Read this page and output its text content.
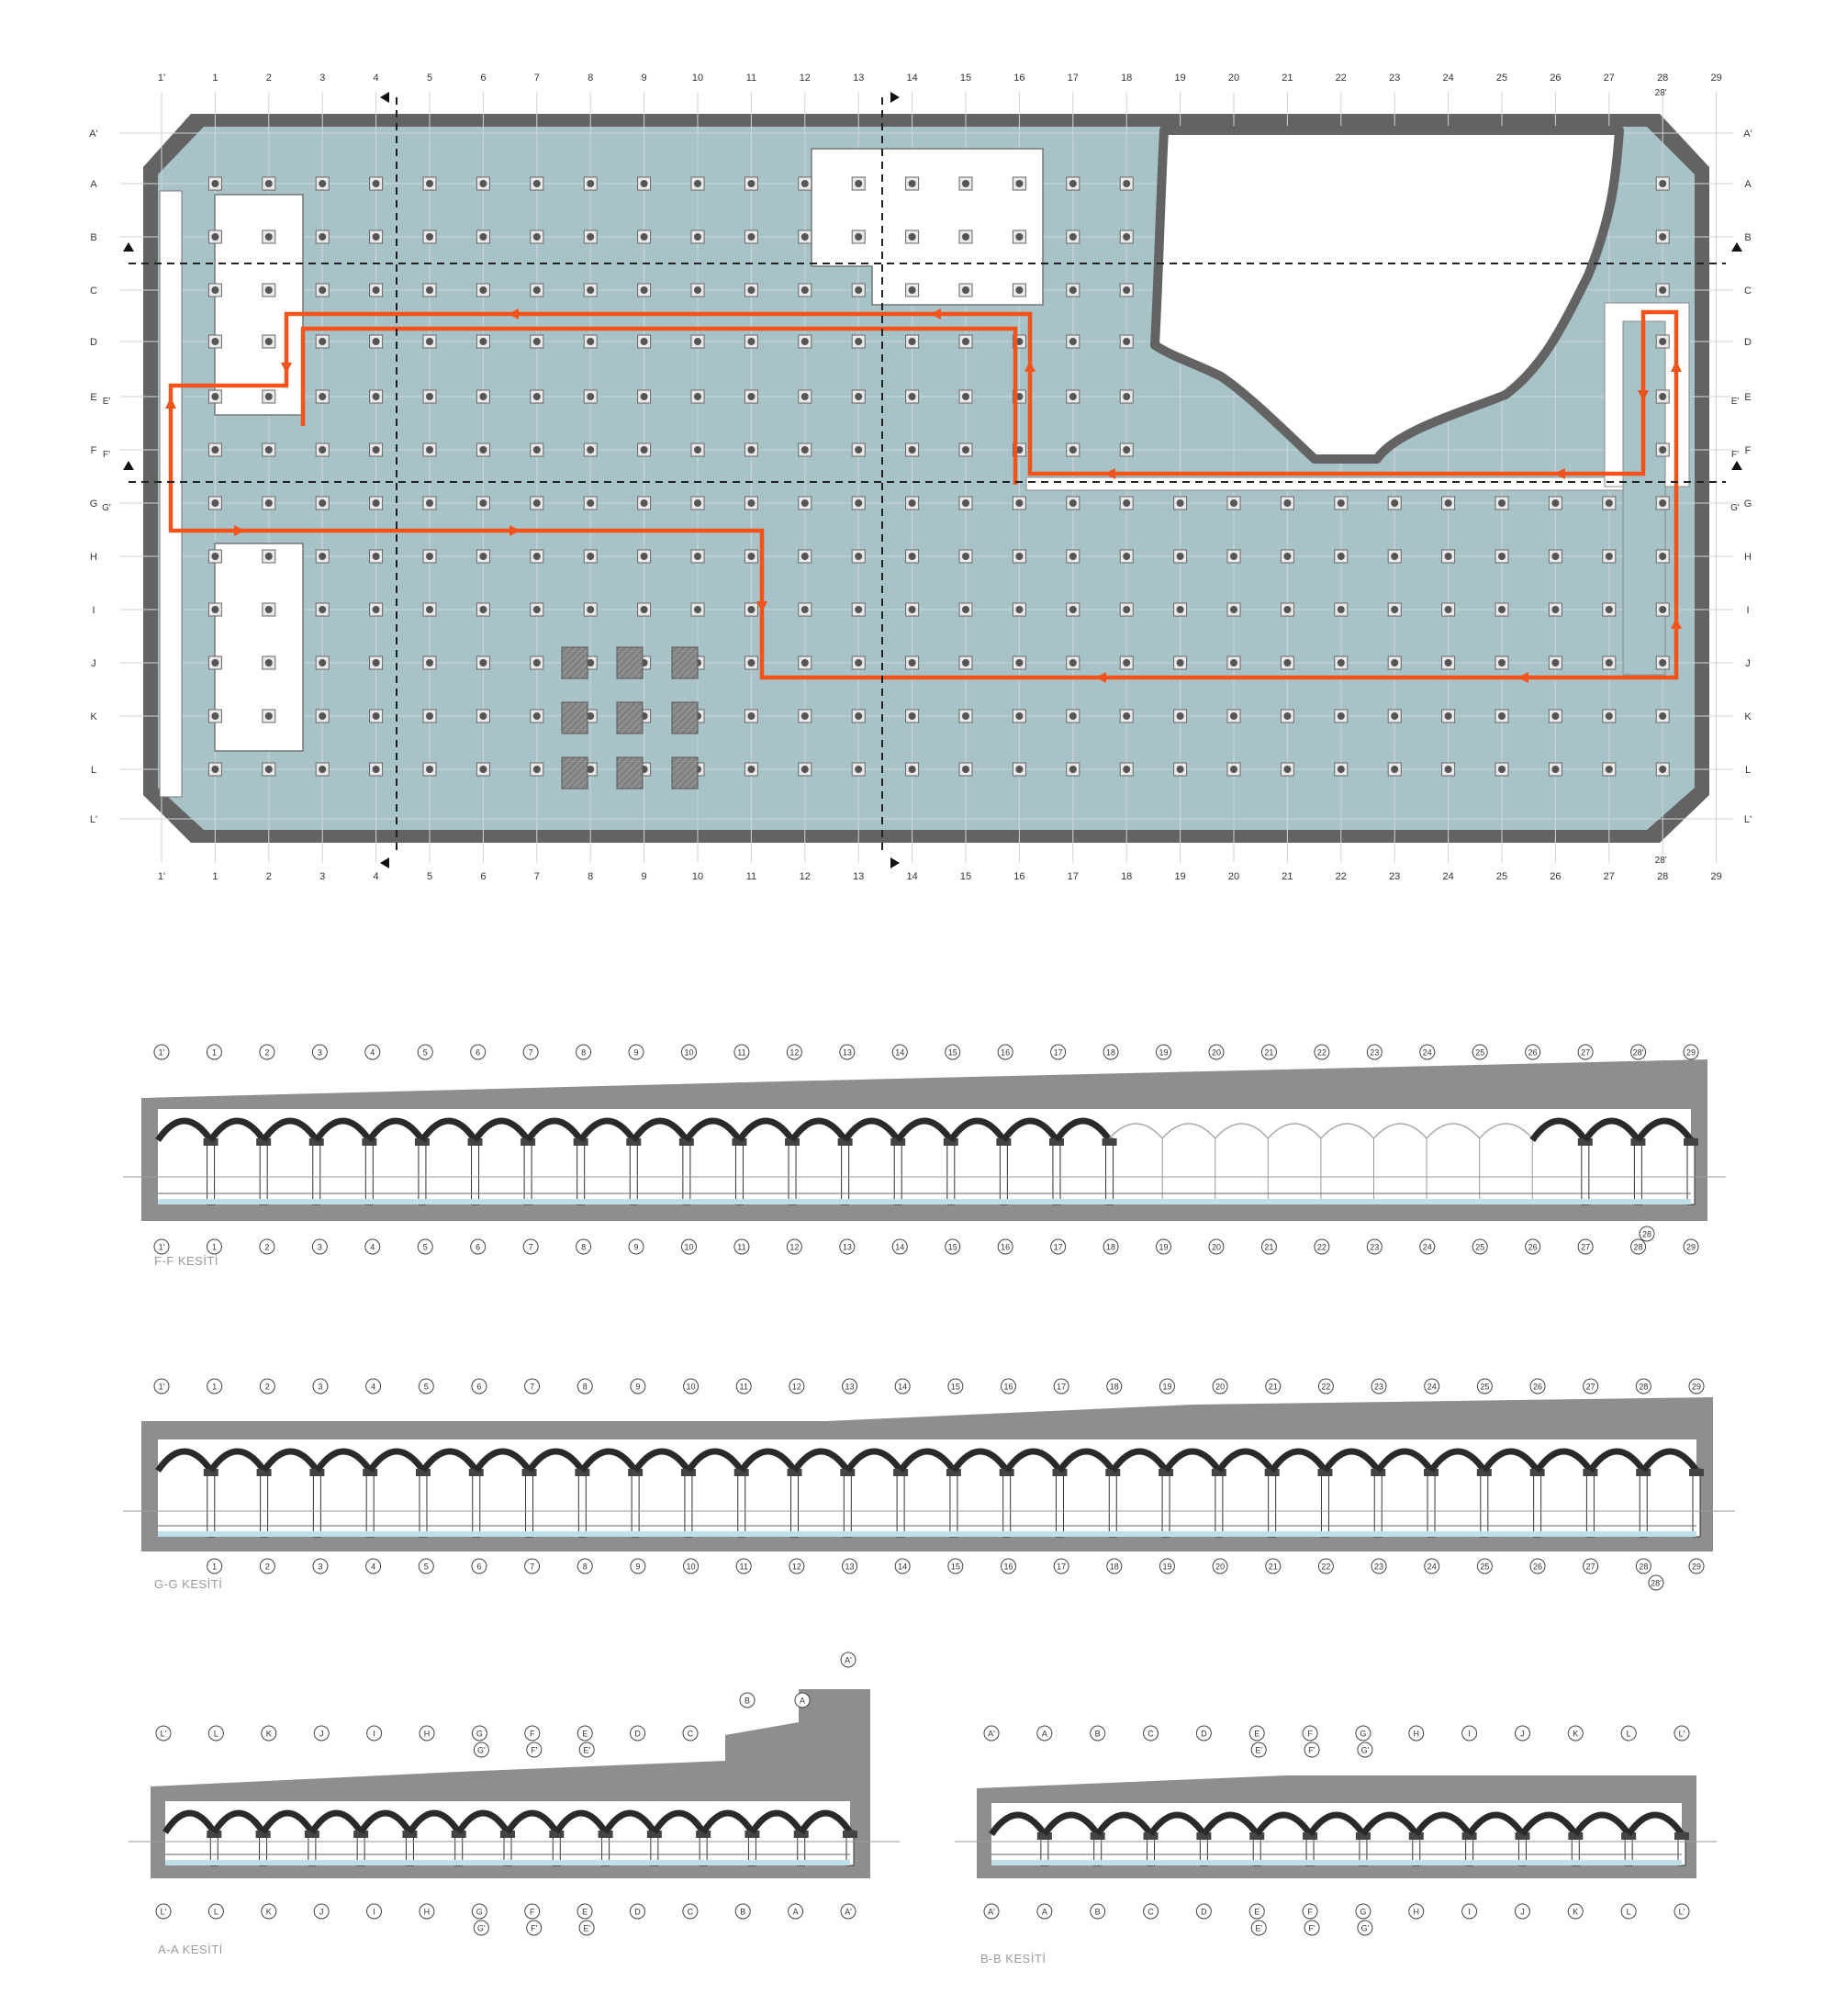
1'
1'
1
1
2
2
3
3
4
4
5
5
6
6
7
7
8
8
9
9
10
10
11
11
12
12
13
13
14
14
15
15
16
16
17
17
18
18
19
19
20
20
21
21
22
22
23
23
24
24
25
25
26
26
27
27
28
28
29
29
28'
28'
A'	A'
A	A
B	B
C	C
D	D
E	E
E'	E'
F	F
F'	F'
G	G
G'	G'
H	H
I	I
J	J
K	K
L	L
L'	L'
1'	1	2	3	4	5	6	7	8	9	10	11	12	13	14	15	16	17	18	19	20	21	22	23	24	25	26	27	28'	29
1'	1	2	3	4	5	6	7	8	9	10	11	12	13	14	15	16	17	18	19	20	21	22	23	24	25	26	27	28	29
28
F-F KESİTİ
1'	1	2	3	4	5	6	7	8	9	10	11	12	13	14	15	16	17	18	19	20	21	22	23	24	25	26	27	28	29
1	2	3	4	5	6	7	8	9	10	11	12	13	14	15	16	17	18	19	20	21	22	23	24	25	26	27	28	29
28'
G-G KESİTİ
L'	L	K	J	I	H	G
G'
F
F'
E
E'
D	C
B	A
A'
L'	L	K	J	I	H	G
G'
F
F'
E
E'
D	C	B	A	A'
A-A KESİTİ
A'	A	B	C	D	E
E'
F
F'
G
G'
H	I	J	K	L	L'
A'	A	B	C	D	E
E'
F
F'
G
G'
H	I	J	K	L	L'
B-B KESİTİ
